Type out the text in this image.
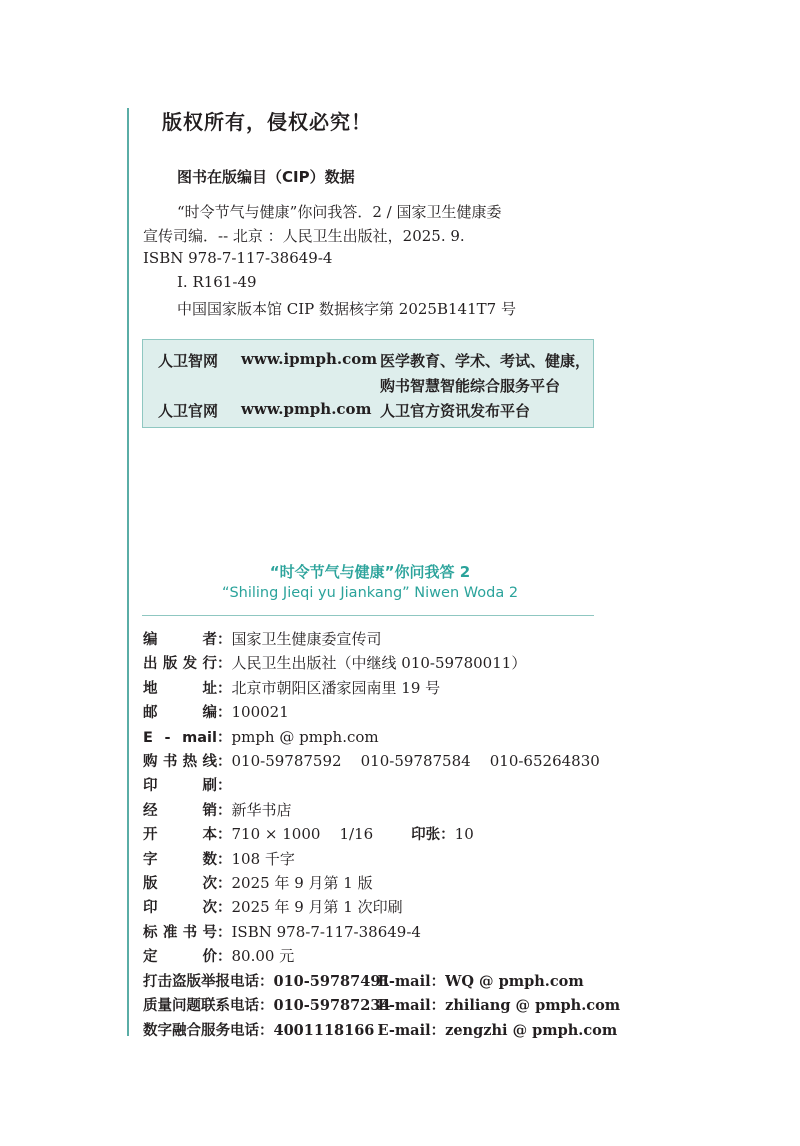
版权所有，侵权必究！
图书在版编目（CIP）数据
“时令节气与健康”你问我答．2 / 国家卫生健康委
宣传司编．-- 北京 ：人民卫生出版社，2025. 9.
ISBN 978-7-117-38649-4
Ⅰ. R161-49
中国国家版本馆 CIP 数据核字第 2025B141T7 号
人卫智网 www.ipmph.com 医学教育、学术、考试、健康，
购书智慧智能综合服务平台
人卫官网 www.pmph.com 人卫官方资讯发布平台
“时令节气与健康”你问我答 2
“Shiling Jieqi yu Jiankang” Niwen Woda 2
编者：国家卫生健康委宣传司
出版发行：人民卫生出版社（中继线 010-59780011）
地址：北京市朝阳区潘家园南里 19 号
邮编：100021
E - mail：pmph @ pmph.com
购书热线：010-59787592    010-59787584    010-65264830
印刷：
经销：新华书店
开本：710 × 1000    1/16	印张：10
字数：108 千字
版次：2025 年 9 月第 1 版
印次：2025 年 9 月第 1 次印刷
标准书号：ISBN 978-7-117-38649-4
定价：80.00 元
打击盗版举报电话：010-59787491E-mail：WQ @ pmph.com
质量问题联系电话：010-59787234E-mail：zhiliang @ pmph.com
数字融合服务电话：4001118166 E-mail：zengzhi @ pmph.com
